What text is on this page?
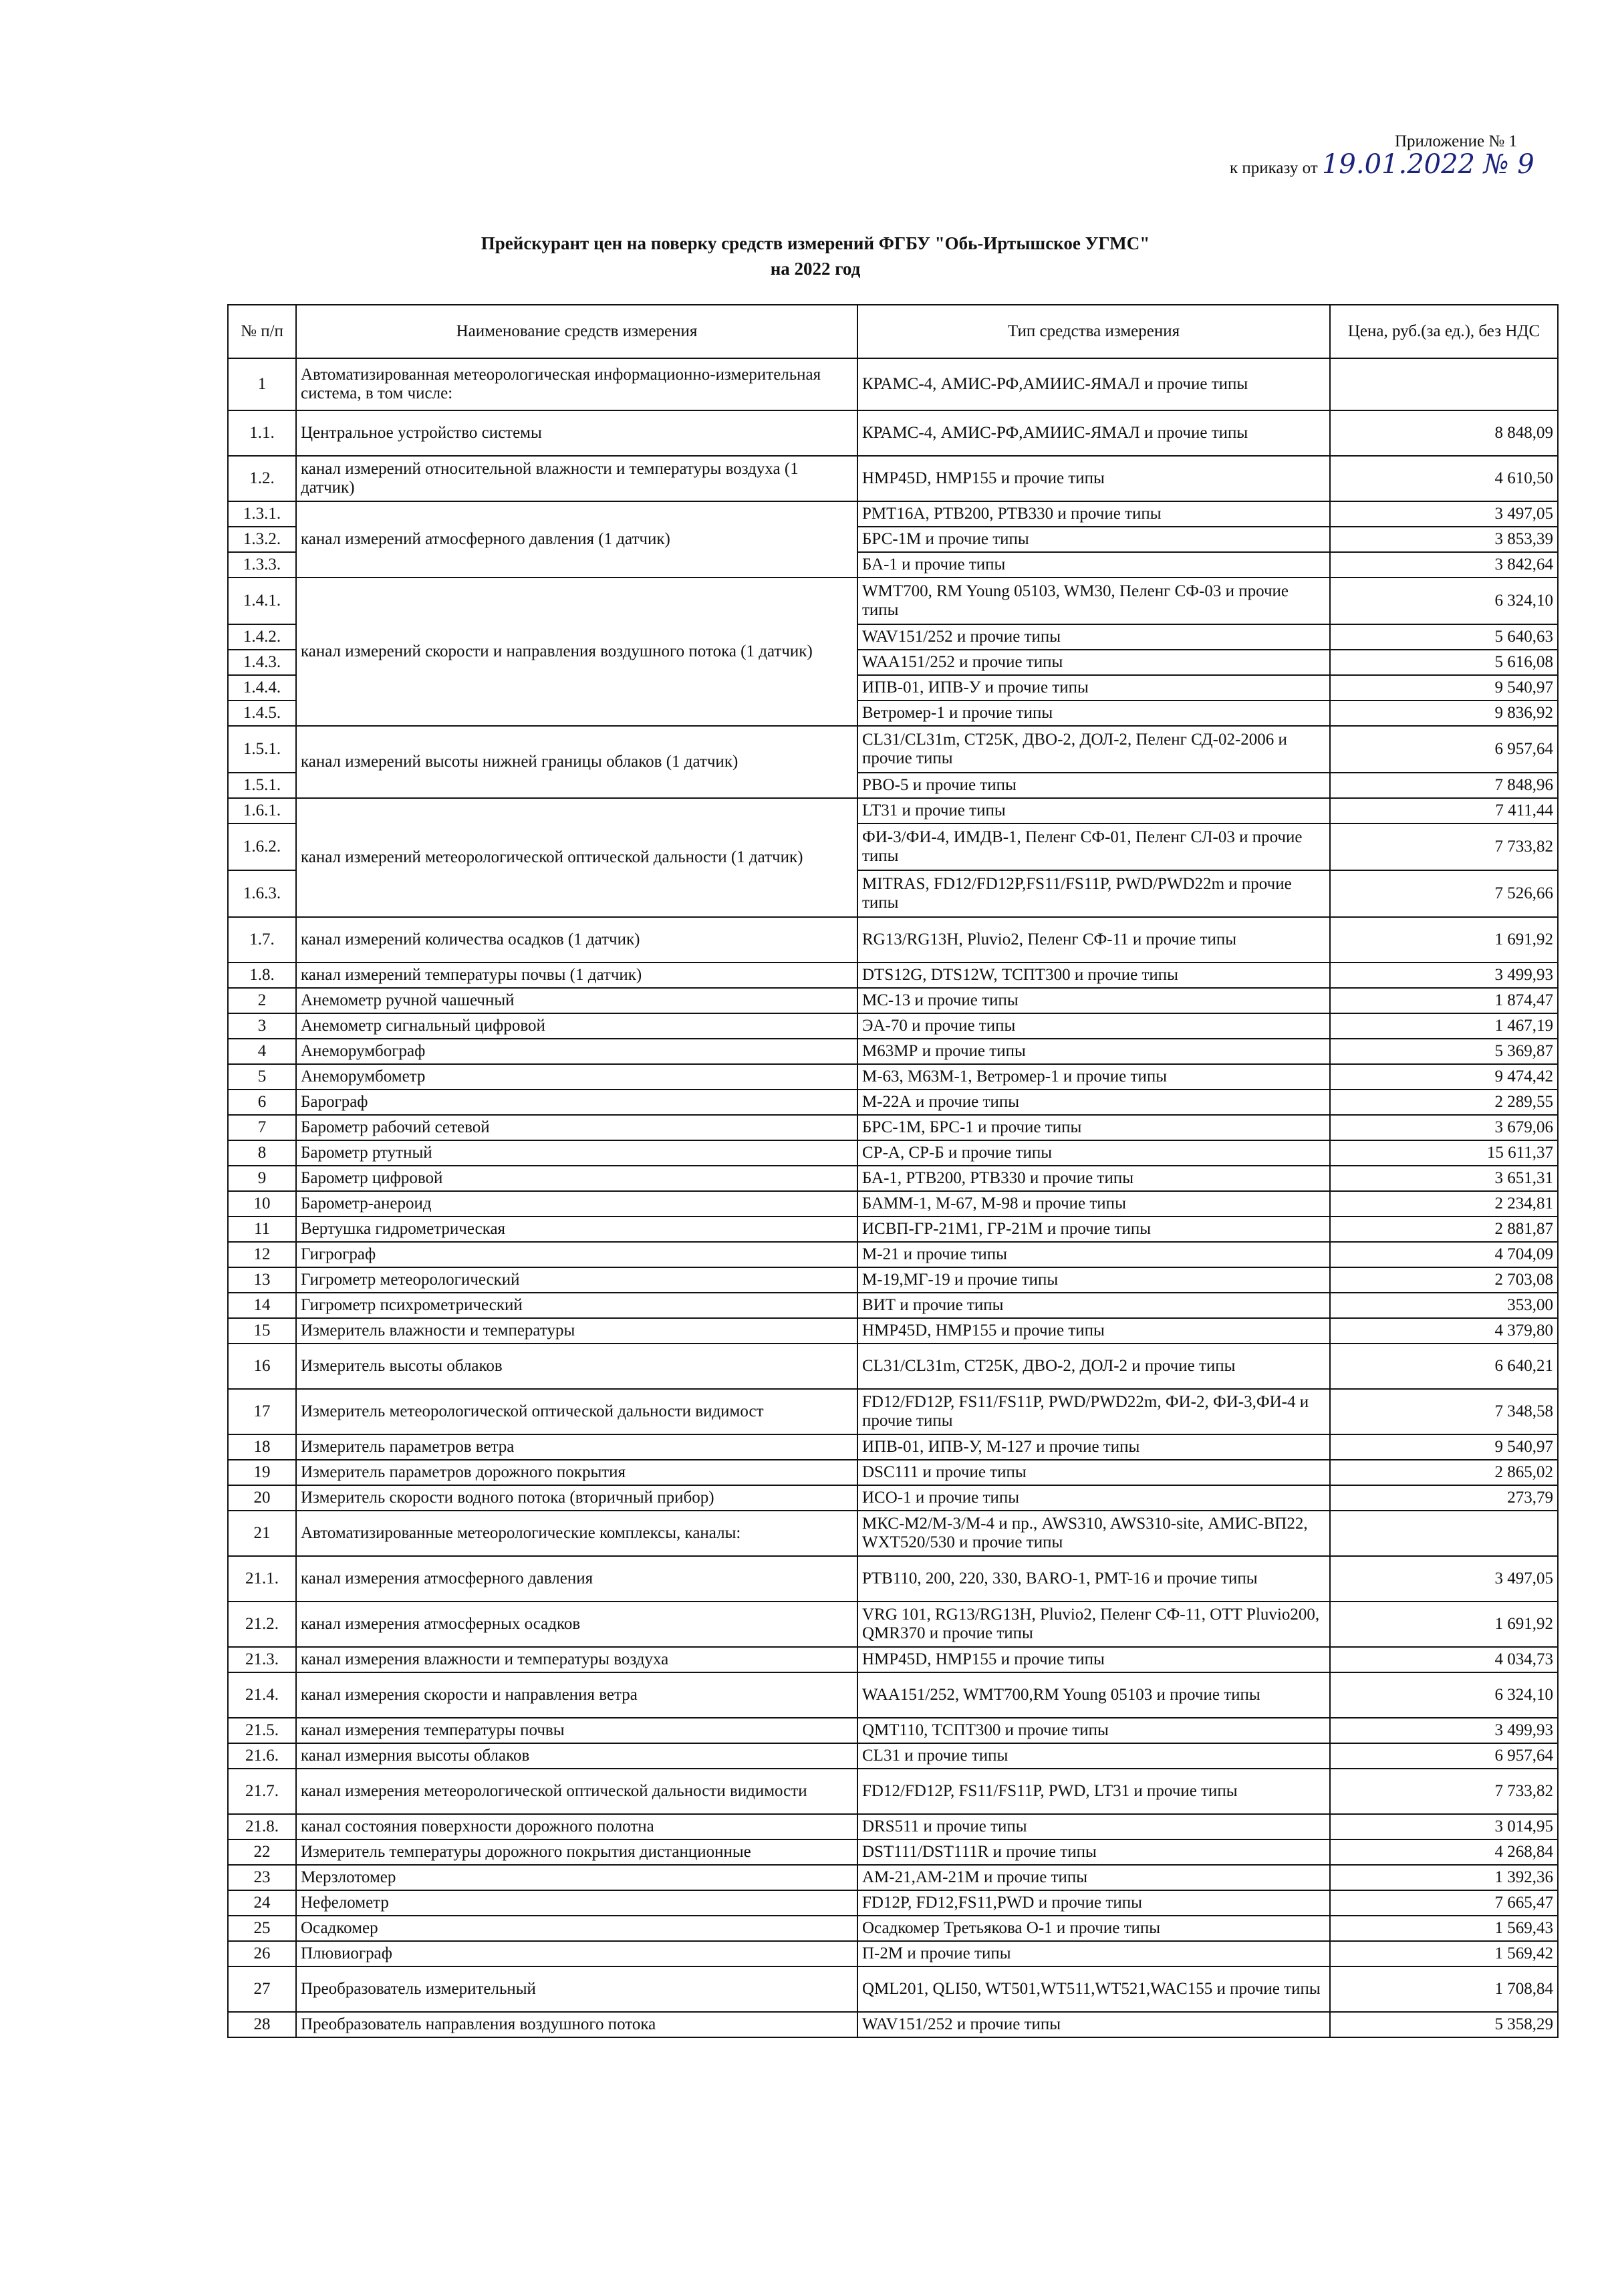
Приложение № 1
к приказу от 19.01.2022 № 9
Прейскурант цен на поверку средств измерений ФГБУ "Обь-Иртышское УГМС"
на 2022 год
№ п/п	Наименование средств измерения	Тип средства измерения	Цена, руб.(за ед.), без НДС
1	Автоматизированная метеорологическая информационно-измерительная система, в том числе:	КРАМС-4, АМИС-РФ,АМИИС-ЯМАЛ и прочие типы	
1.1.	Центральное устройство системы	КРАМС-4, АМИС-РФ,АМИИС-ЯМАЛ и прочие типы	8 848,09
1.2.	канал измерений относительной влажности и температуры воздуха (1 датчик)	HMP45D, HMP155 и прочие типы	4 610,50
1.3.1.	канал измерений атмосферного давления (1 датчик)	PMT16A, PTB200, PTB330 и прочие типы	3 497,05
1.3.2.		БРС-1М и прочие типы	3 853,39
1.3.3.		БА-1 и прочие типы	3 842,64
1.4.1.	канал измерений скорости и направления воздушного потока (1 датчик)	WMT700, RM Young 05103, WM30, Пеленг СФ-03 и прочие типы	6 324,10
1.4.2.		WAV151/252 и прочие типы	5 640,63
1.4.3.		WAA151/252 и прочие типы	5 616,08
1.4.4.		ИПВ-01, ИПВ-У и прочие типы	9 540,97
1.4.5.		Ветромер-1 и прочие типы	9 836,92
1.5.1.	канал измерений высоты нижней границы облаков (1 датчик)	CL31/CL31m, CT25K, ДВО-2, ДОЛ-2, Пеленг СД-02-2006 и прочие типы	6 957,64
1.5.1.		РВО-5 и прочие типы	7 848,96
1.6.1.	канал измерений метеорологической оптической дальности (1 датчик)	LT31 и прочие типы	7 411,44
1.6.2.		ФИ-3/ФИ-4, ИМДВ-1, Пеленг СФ-01, Пеленг СЛ-03 и прочие типы	7 733,82
1.6.3.		MITRAS, FD12/FD12P,FS11/FS11P, PWD/PWD22m и прочие типы	7 526,66
1.7.	канал измерений количества осадков (1 датчик)	RG13/RG13H, Pluvio2, Пеленг СФ-11 и прочие типы	1 691,92
1.8.	канал измерений температуры почвы (1 датчик)	DTS12G, DTS12W, ТСПТ300 и прочие типы	3 499,93
2	Анемометр ручной чашечный	МС-13 и прочие типы	1 874,47
3	Анемометр сигнальный цифровой	ЭА-70 и прочие типы	1 467,19
4	Анеморумбограф	М63МР и прочие типы	5 369,87
5	Анеморумбометр	М-63, М63М-1, Ветромер-1 и прочие типы	9 474,42
6	Барограф	М-22А и прочие типы	2 289,55
7	Барометр рабочий сетевой	БРС-1М, БРС-1 и прочие типы	3 679,06
8	Барометр ртутный	СР-А, СР-Б и прочие типы	15 611,37
9	Барометр цифровой	БА-1, PTB200, PTB330 и прочие типы	3 651,31
10	Барометр-анероид	БАММ-1, М-67, М-98 и прочие типы	2 234,81
11	Вертушка гидрометрическая	ИСВП-ГР-21М1, ГР-21М и прочие типы	2 881,87
12	Гигрограф	М-21 и прочие типы	4 704,09
13	Гигрометр метеорологический	М-19,МГ-19 и прочие типы	2 703,08
14	Гигрометр психрометрический	ВИТ и прочие типы	353,00
15	Измеритель влажности и температуры	HMP45D, HMP155 и прочие типы	4 379,80
16	Измеритель высоты облаков	CL31/CL31m, CT25K, ДВО-2, ДОЛ-2 и прочие типы	6 640,21
17	Измеритель метеорологической оптической дальности видимост	FD12/FD12P, FS11/FS11P, PWD/PWD22m, ФИ-2, ФИ-3,ФИ-4 и прочие типы	7 348,58
18	Измеритель параметров ветра	ИПВ-01, ИПВ-У, М-127 и прочие типы	9 540,97
19	Измеритель параметров дорожного покрытия	DSC111 и прочие типы	2 865,02
20	Измеритель скорости водного потока (вторичный прибор)	ИСО-1 и прочие типы	273,79
21	Автоматизированные метеорологические комплексы, каналы:	МКС-М2/М-3/М-4 и пр., AWS310, AWS310-site, АМИС-ВП22, WXT520/530 и прочие типы	
21.1.	канал измерения атмосферного давления	PTB110, 200, 220, 330, BARO-1, PMT-16 и прочие типы	3 497,05
21.2.	канал измерения атмосферных осадков	VRG 101, RG13/RG13H, Pluvio2, Пеленг СФ-11, ОТТ Pluvio200, QMR370 и прочие типы	1 691,92
21.3.	канал измерения влажности и температуры воздуха	HMP45D, HMP155 и прочие типы	4 034,73
21.4.	канал измерения скорости и направления ветра	WAA151/252, WMT700,RM Young 05103 и прочие типы	6 324,10
21.5.	канал измерения температуры почвы	QMT110, ТСПТ300 и прочие типы	3 499,93
21.6.	канал измерния высоты облаков	CL31 и прочие типы	6 957,64
21.7.	канал измерения метеорологической оптической дальности видимости	FD12/FD12P, FS11/FS11P, PWD, LT31 и прочие типы	7 733,82
21.8.	канал состояния поверхности дорожного полотна	DRS511 и прочие типы	3 014,95
22	Измеритель температуры дорожного покрытия дистанционные	DST111/DST111R и прочие типы	4 268,84
23	Мерзлотомер	АМ-21,АМ-21М и прочие типы	1 392,36
24	Нефелометр	FD12P, FD12,FS11,PWD и прочие типы	7 665,47
25	Осадкомер	Осадкомер Третьякова О-1 и прочие типы	1 569,43
26	Плювиограф	П-2М и прочие типы	1 569,42
27	Преобразователь измерительный	QML201, QLI50, WT501,WT511,WT521,WAC155 и прочие типы	1 708,84
28	Преобразователь направления воздушного потока	WAV151/252 и прочие типы	5 358,29
